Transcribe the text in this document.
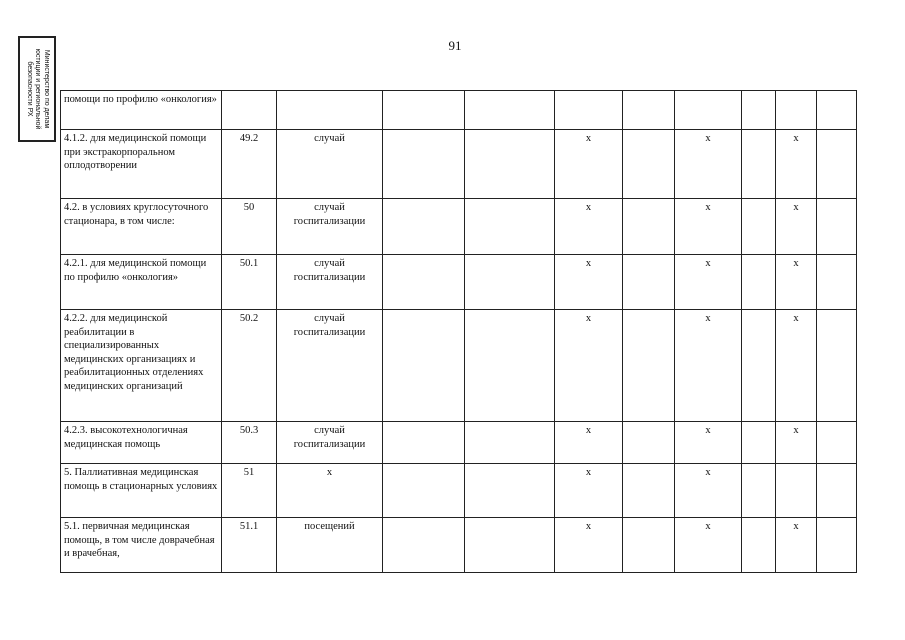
91
Министерство по делам
юстиции и региональной
безопасности РХ	помощи по профилю «онкология»										
4.1.2. для медицинской помощи при экстракорпоральном оплодотворении	49.2	случай			х		х		х	
4.2. в условиях круглосуточного стационара, в том числе:	50	случай госпитализации			х		х		х	
4.2.1. для медицинской помощи по профилю «онкология»	50.1	случай госпитализации			х		х		х	
4.2.2. для медицинской реабилитации в специализированных медицинских организациях и реабилитационных отделениях медицинских организаций	50.2	случай госпитализации			х		х		х	
4.2.3. высокотехнологичная медицинская помощь	50.3	случай госпитализации			х		х		х	
5. Паллиативная медицинская помощь в стационарных условиях	51	х			х		х			
5.1. первичная медицинская помощь, в том числе доврачебная и врачебная,	51.1	посещений			х		х		х	
